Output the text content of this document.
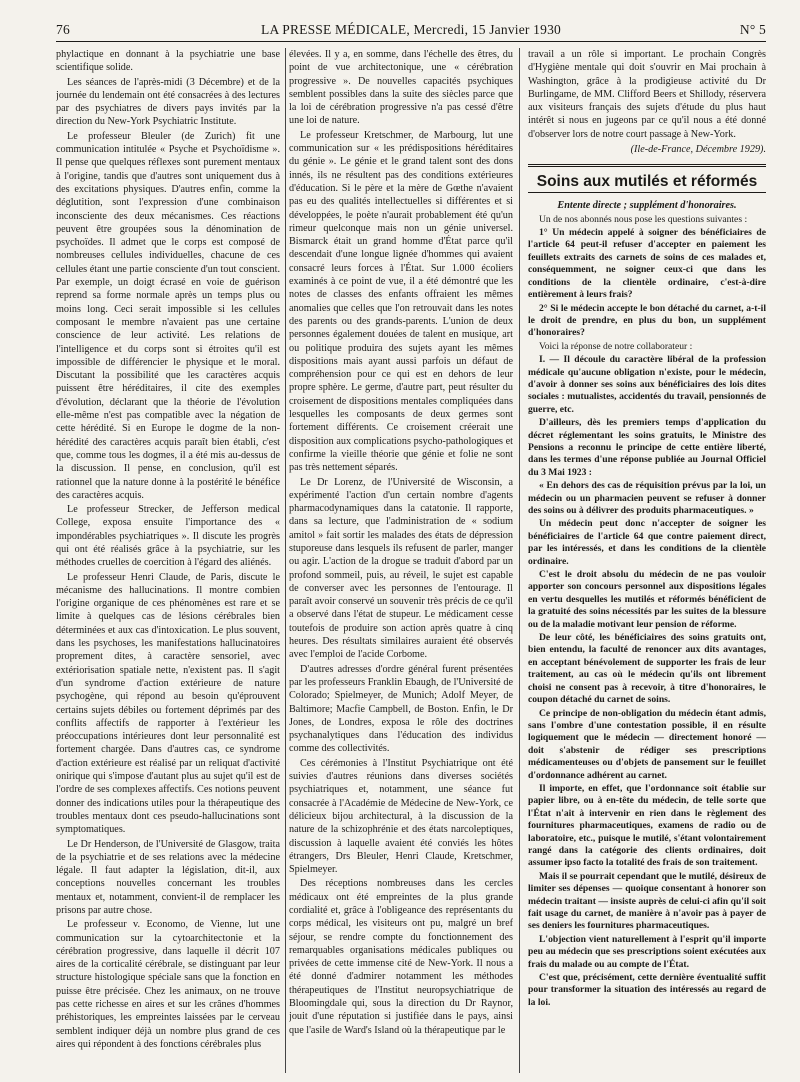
76	LA PRESSE MÉDICALE, Mercredi, 15 Janvier 1930	N° 5

phylactique en donnant à la psychiatrie une base scientifique solide.

Les séances de l'après-midi (3 Décembre) et de la journée du lendemain ont été consacrées à des lectures par des psychiatres de divers pays invités par la direction du New-York Psychiatric Institute.

Le professeur Bleuler (de Zurich) fit une communication intitulée « Psyche et Psychoïdisme ». Il pense que quelques réflexes sont purement mentaux à l'origine, tandis que d'autres sont uniquement dus à des excitations physiques. D'autres enfin, comme la déglutition, sont l'expression d'une combinaison inconsciente des deux mécanismes. Ces réactions peuvent être groupées sous la dénomination de psychoïdes. Il admet que le corps est composé de nombreuses cellules individuelles, chacune de ces cellules étant une partie consciente d'un tout conscient. Par exemple, un doigt écrasé en voie de guérison reprend sa forme normale après un temps plus ou moins long. Ceci serait impossible si les cellules composant le membre n'avaient pas une certaine conscience de leur activité. Les relations de l'intelligence et du corps sont si étroites qu'il est impossible de différencier le physique et le moral. Discutant la possibilité que les caractères acquis puissent être héréditaires, il cite des exemples d'évolution, déclarant que la théorie de l'évolution elle-même n'est pas compatible avec la négation de cette hérédité. Si en Europe le dogme de la non-hérédité des caractères acquis paraît bien établi, c'est que, comme tous les dogmes, il a été mis au-dessus de la discussion. Il pense, en conclusion, qu'il est rationnel que la nature donne à la postérité le bénéfice des caractères acquis.

Le professeur Strecker, de Jefferson medical College, exposa ensuite l'importance des « impondérables psychiatriques ». Il discute les progrès qui ont été réalisés grâce à la psychiatrie, sur les méthodes cruelles de coercition à l'égard des aliénés.

Le professeur Henri Claude, de Paris, discute le mécanisme des hallucinations. Il montre combien l'origine organique de ces phénomènes est rare et se limite à quelques cas de lésions cérébrales bien déterminées et aux cas d'intoxication. Le plus souvent, dans les psychoses, les manifestations hallucinatoires proprement dites, à caractère sensoriel, avec extériorisation spatiale nette, n'existent pas. Il s'agit d'un syndrome d'action extérieure de nature psychogène, qui répond au besoin qu'éprouvent certains sujets débiles ou fortement déprimés par des conflits affectifs de rapporter à l'extérieur les préoccupations intérieures dont leur personnalité est fortement chargée. Dans d'autres cas, ce syndrome d'action extérieure est réalisé par un reliquat d'activité onirique qui s'impose d'autant plus au sujet qu'il est de l'ordre de ses complexes affectifs. Ces notions peuvent donner des indications utiles pour la thérapeutique des troubles mentaux dont ces pseudo-hallucinations sont symptomatiques.

Le Dr Henderson, de l'Université de Glasgow, traita de la psychiatrie et de ses relations avec la médecine légale. Il faut adapter la législation, dit-il, aux conceptions nouvelles concernant les troubles mentaux et, notamment, convient-il de remplacer les prisons par autre chose.

Le professeur v. Economo, de Vienne, lut une communication sur la cytoarchitectonie et la cérébration progressive, dans laquelle il décrit 107 aires de la corticalité cérébrale, se distinguant par leur structure histologique spéciale sans que la fonction en puisse être précisée. Chez les animaux, on ne trouve pas cette richesse en aires et sur les crânes d'hommes préhistoriques, les empreintes laissées par le cerveau semblent indiquer déjà un nombre plus grand de ces aires qui répondent à des fonctions cérébrales plus

élevées. Il y a, en somme, dans l'échelle des êtres, du point de vue architectonique, une « cérébration progressive ». De nouvelles capacités psychiques semblent possibles dans la suite des siècles parce que la loi de cérébration progressive n'a pas cessé d'être une loi de nature.

Le professeur Kretschmer, de Marbourg, lut une communication sur « les prédispositions héréditaires du génie ». Le génie et le grand talent sont des dons innés, ils ne résultent pas des conditions extérieures d'éducation. Si le père et la mère de Gœthe n'avaient pas eu des qualités intellectuelles si différentes et si développées, le poète n'aurait probablement été qu'un rimeur quelconque mais non un génie universel. Bismarck était un grand homme d'État parce qu'il descendait d'une longue lignée d'hommes qui avaient consacré leurs forces à l'État. Sur 1.000 écoliers examinés à ce point de vue, il a été démontré que les notes de classes des enfants offraient les mêmes anomalies que celles que l'on retrouvait dans les notes des parents ou des grands-parents. L'union de deux personnes également douées de talent en musique, art ou politique produira des sujets ayant les mêmes dispositions mais ayant aussi parfois un défaut de compréhension pour ce qui est en dehors de leur propre sphère. Le germe, d'autre part, peut résulter du croisement de dispositions mentales compliquées dans lesquelles les composants de deux germes sont fortement différents. Ce croisement créerait une disposition aux complications psycho-pathologiques et confirme la vieille théorie que génie et folie ne sont pas très nettement séparés.

Le Dr Lorenz, de l'Université de Wisconsin, a expérimenté l'action d'un certain nombre d'agents pharmacodynamiques dans la catatonie. Il rapporte, dans sa lecture, que l'administration de « sodium amitol » fait sortir les malades des états de dépression stuporeuse dans lesquels ils refusent de parler, manger ou agir. L'action de la drogue se traduit d'abord par un profond sommeil, puis, au réveil, le sujet est capable de converser avec les personnes de l'entourage. Il paraît avoir conservé un souvenir très précis de ce qu'il a observé dans l'état de stupeur. Le médicament cesse toutefois de produire son action après quatre à cinq heures. Des résultats similaires auraient été observés avec l'emploi de l'acide Corbome.

D'autres adresses d'ordre général furent présentées par les professeurs Franklin Ebaugh, de l'Université de Colorado; Spielmeyer, de Munich; Adolf Meyer, de Baltimore; Macfie Campbell, de Boston. Enfin, le Dr Jones, de Londres, exposa le rôle des doctrines psychanalytiques dans l'éducation des individus comme des collectivités.

Ces cérémonies à l'Institut Psychiatrique ont été suivies d'autres réunions dans diverses sociétés psychiatriques et, notamment, une séance fut consacrée à l'Académie de Médecine de New-York, ce délicieux bijou architectural, à la discussion de la nature de la schizophrénie et des états narcoleptiques, discussion à laquelle avaient été conviés les hôtes étrangers, Drs Bleuler, Henri Claude, Kretschmer, Spielmeyer.

Des réceptions nombreuses dans les cercles médicaux ont été empreintes de la plus grande cordialité et, grâce à l'obligeance des représentants du corps médical, les visiteurs ont pu, malgré un bref séjour, se rendre compte du fonctionnement des remarquables organisations médicales publiques ou privées de cette immense cité de New-York. Il nous a été donné d'admirer notamment les méthodes thérapeutiques de l'Institut neuropsychiatrique de Bloomingdale qui, sous la direction du Dr Raynor, jouit d'une réputation si justifiée dans le pays, ainsi que l'asile de Ward's Island où la thérapeutique par le

travail a un rôle si important. Le prochain Congrès d'Hygiène mentale qui doit s'ouvrir en Mai prochain à Washington, grâce à la prodigieuse activité du Dr Burlingame, de MM. Clifford Beers et Shillody, réservera aux visiteurs français des sujets d'étude du plus haut intérêt si nous en jugeons par ce qu'il nous a été donné d'observer lors de notre court passage à New-York.

(Ile-de-France, Décembre 1929).

Soins aux mutilés et réformés

Entente directe ; supplément d'honoraires.

Un de nos abonnés nous pose les questions suivantes :

1° Un médecin appelé à soigner des bénéficiaires de l'article 64 peut-il refuser d'accepter en paiement les feuillets extraits des carnets de soins de ces malades et, conséquemment, ne soigner ceux-ci que dans les conditions de la clientèle ordinaire, c'est-à-dire entièrement à leurs frais?

2° Si le médecin accepte le bon détaché du carnet, a-t-il le droit de prendre, en plus du bon, un supplément d'honoraires?

Voici la réponse de notre collaborateur :

I. — Il découle du caractère libéral de la profession médicale qu'aucune obligation n'existe, pour le médecin, d'avoir à donner ses soins aux bénéficiaires des lois dites sociales : mutualistes, accidentés du travail, pensionnés de guerre, etc.

D'ailleurs, dès les premiers temps d'application du décret réglementant les soins gratuits, le Ministre des Pensions a reconnu le principe de cette entière liberté, dans les termes d'une réponse publiée au Journal Officiel du 3 Mai 1923 :

« En dehors des cas de réquisition prévus par la loi, un médecin ou un pharmacien peuvent se refuser à donner des soins ou à délivrer des produits pharmaceutiques. »

Un médecin peut donc n'accepter de soigner les bénéficiaires de l'article 64 que contre paiement direct, par les intéressés, et dans les conditions de la clientèle ordinaire.

C'est le droit absolu du médecin de ne pas vouloir apporter son concours personnel aux dispositions légales en vertu desquelles les mutilés et réformés bénéficient de la gratuité des soins nécessités par les suites de la blessure ou de la maladie motivant leur pension de réforme.

De leur côté, les bénéficiaires des soins gratuits ont, bien entendu, la faculté de renoncer aux dits avantages, en acceptant bénévolement de supporter les frais de leur traitement, au cas où le médecin qu'ils ont librement choisi ne consent pas à recevoir, à titre d'honoraires, le coupon détaché du carnet de soins.

Ce principe de non-obligation du médecin étant admis, sans l'ombre d'une contestation possible, il en résulte logiquement que le médecin — directement honoré — doit s'abstenir de rédiger ses prescriptions médicamenteuses ou d'objets de pansement sur le feuillet d'ordonnance adhérent au carnet.

Il importe, en effet, que l'ordonnance soit établie sur papier libre, ou à en-tête du médecin, de telle sorte que l'État n'ait à intervenir en rien dans le règlement des fournitures pharmaceutiques, examens de radio ou de laboratoire, etc., puisque le mutilé, s'étant volontairement rangé dans la catégorie des clients ordinaires, doit assumer ipso facto la totalité des frais de son traitement.

Mais il se pourrait cependant que le mutilé, désireux de limiter ses dépenses — quoique consentant à honorer son médecin traitant — insiste auprès de celui-ci afin qu'il soit fait usage du carnet, de manière à n'avoir pas à payer de ses deniers les fournitures pharmaceutiques.

L'objection vient naturellement à l'esprit qu'il importe peu au médecin que ses prescriptions soient exécutées aux frais du malade ou au compte de l'État.

C'est que, précisément, cette dernière éventualité suffit pour transformer la situation des intéressés au regard de la loi.
